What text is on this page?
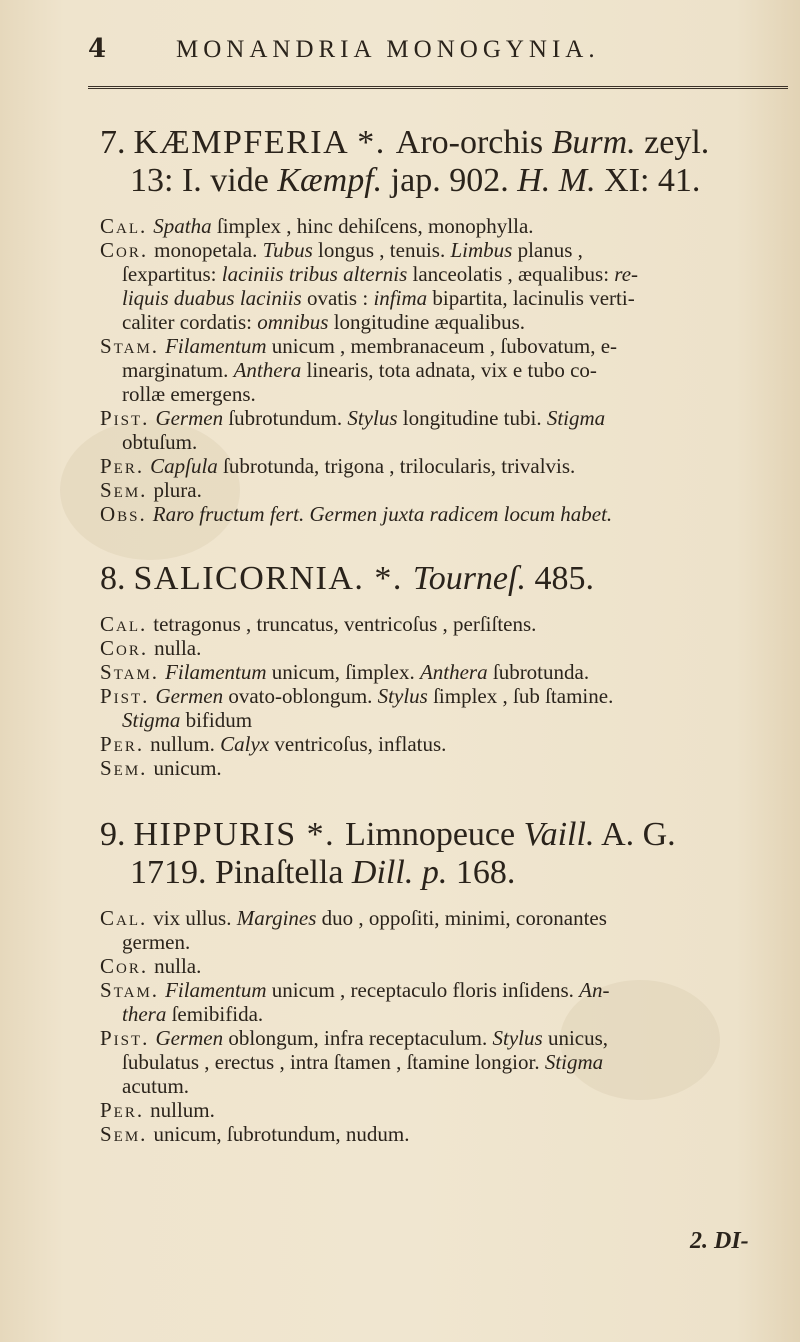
4	MONANDRIA MONOGYNIA.
7. KÆMPFERIA *. Aro-orchis Burm. zeyl.
13: I. vide Kæmpf. jap. 902. H. M. XI: 41.
Cal. Spatha ſimplex , hinc dehiſcens, monophylla.
Cor. monopetala. Tubus longus , tenuis. Limbus planus ,
ſexpartitus: laciniis tribus alternis lanceolatis , æqualibus: re-
liquis duabus laciniis ovatis : infima bipartita, lacinulis verti-
caliter cordatis: omnibus longitudine æqualibus.
Stam. Filamentum unicum , membranaceum , ſubovatum, e-
marginatum. Anthera linearis, tota adnata, vix e tubo co-
rollæ emergens.
Pist. Germen ſubrotundum. Stylus longitudine tubi. Stigma
obtuſum.
Per. Capſula ſubrotunda, trigona , trilocularis, trivalvis.
Sem. plura.
Obs. Raro fructum fert. Germen juxta radicem locum habet.
8. SALICORNIA. *. Tourneſ. 485.
Cal. tetragonus , truncatus, ventricoſus , perſiſtens.
Cor. nulla.
Stam. Filamentum unicum, ſimplex. Anthera ſubrotunda.
Pist. Germen ovato-oblongum. Stylus ſimplex , ſub ſtamine.
Stigma bifidum
Per. nullum. Calyx ventricoſus, inflatus.
Sem. unicum.
9. HIPPURIS *. Limnopeuce Vaill. A. G.
1719. Pinaſtella Dill. p. 168.
Cal. vix ullus. Margines duo , oppoſiti, minimi, coronantes
germen.
Cor. nulla.
Stam. Filamentum unicum , receptaculo floris inſidens. An-
thera ſemibifida.
Pist. Germen oblongum, infra receptaculum. Stylus unicus,
ſubulatus , erectus , intra ſtamen , ſtamine longior. Stigma
acutum.
Per. nullum.
Sem. unicum, ſubrotundum, nudum.
2. DI-
